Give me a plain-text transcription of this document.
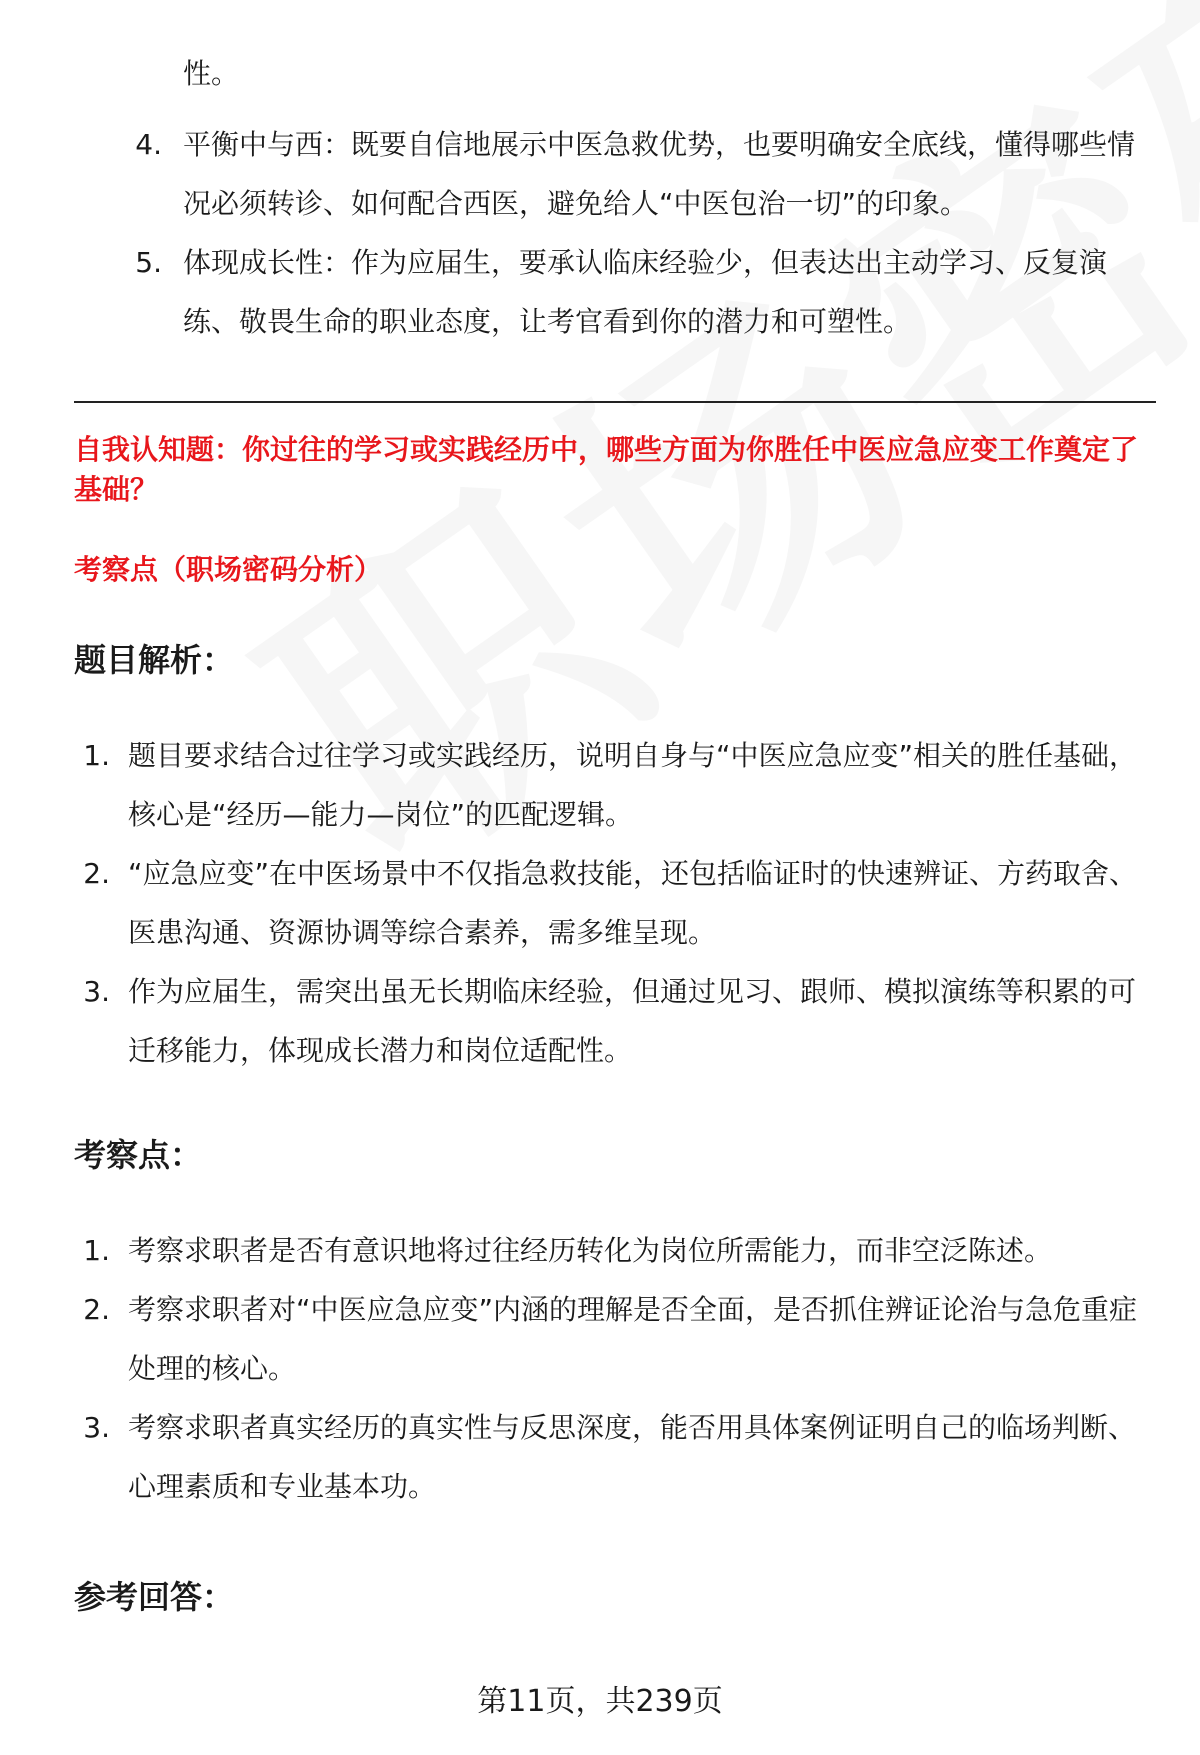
性。
4. 平衡中与西：既要自信地展示中医急救优势，也要明确安全底线，懂得哪些情况必须转诊、如何配合西医，避免给人“中医包治一切”的印象。
5. 体现成长性：作为应届生，要承认临床经验少，但表达出主动学习、反复演练、敬畏生命的职业态度，让考官看到你的潜力和可塑性。
自我认知题：你过往的学习或实践经历中，哪些方面为你胜任中医应急应变工作奠定了基础？
考察点（职场密码分析）
题目解析：
1. 题目要求结合过往学习或实践经历，说明自身与“中医应急应变”相关的胜任基础，核心是“经历—能力—岗位”的匹配逻辑。
2. “应急应变”在中医场景中不仅指急救技能，还包括临证时的快速辨证、方药取舍、医患沟通、资源协调等综合素养，需多维呈现。
3. 作为应届生，需突出虽无长期临床经验，但通过见习、跟师、模拟演练等积累的可迁移能力，体现成长潜力和岗位适配性。
考察点：
1. 考察求职者是否有意识地将过往经历转化为岗位所需能力，而非空泛陈述。
2. 考察求职者对“中医应急应变”内涵的理解是否全面，是否抓住辨证论治与急危重症处理的核心。
3. 考察求职者真实经历的真实性与反思深度，能否用具体案例证明自己的临场判断、心理素质和专业基本功。
参考回答：
第11页，共239页
